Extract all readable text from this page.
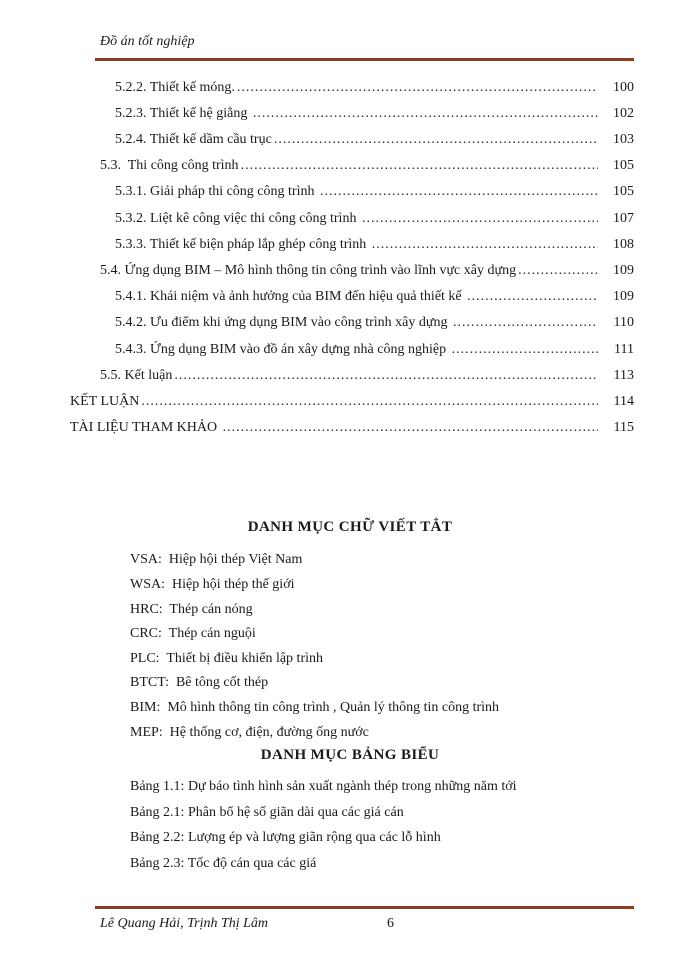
Đồ án tốt nghiệp
5.2.2. Thiết kế móng. .....	100
5.2.3. Thiết kế hệ giằng .....	102
5.2.4. Thiết kế dầm cầu trục .....	103
5.3.  Thi công công trình .....	105
5.3.1. Giải pháp thi công công trình .....	105
5.3.2. Liệt kê công việc thi công công trình .....	107
5.3.3. Thiết kế biện pháp lắp ghép công trình .....	108
5.4. Ứng dụng BIM – Mô hình thông tin công trình vào lĩnh vực xây dựng .....	109
5.4.1. Khái niệm và ảnh hưởng của BIM đến hiệu quả thiết kế .....	109
5.4.2. Ưu điểm khi ứng dụng BIM vào công trình xây dựng .....	110
5.4.3. Ứng dụng BIM vào đồ án xây dựng nhà công nghiệp .....	111
5.5. Kết luận .....	113
KẾT LUẬN .....	114
TÀI LIỆU THAM KHẢO .....	115
DANH MỤC CHỮ VIẾT TẮT
VSA:  Hiệp hội thép Việt Nam
WSA:  Hiệp hội thép thế giới
HRC:  Thép cán nóng
CRC:  Thép cán nguội
PLC:  Thiết bị điều khiển lập trình
BTCT:  Bê tông cốt thép
BIM:  Mô hình thông tin công trình , Quản lý thông tin công trình
MEP:  Hệ thống cơ, điện, đường ống nước
DANH MỤC BẢNG BIỂU
Bảng 1.1: Dự báo tình hình sản xuất ngành thép trong những năm tới
Bảng 2.1: Phân bổ hệ số giãn dài qua các giá cán
Bảng 2.2: Lượng ép và lượng giãn rộng qua các lỗ hình
Bảng 2.3: Tốc độ cán qua các giá
Lê Quang Hải, Trịnh Thị Lâm	6
